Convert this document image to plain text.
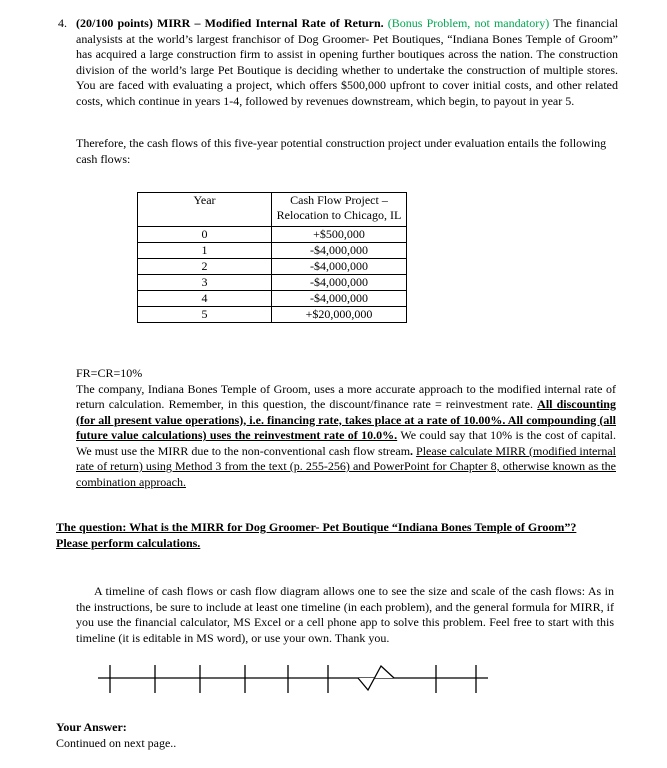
4. (20/100 points) MIRR – Modified Internal Rate of Return. (Bonus Problem, not mandatory) The financial analysists at the world’s largest franchisor of Dog Groomer- Pet Boutiques, “Indiana Bones Temple of Groom” has acquired a large construction firm to assist in opening further boutiques across the nation. The construction division of the world’s large Pet Boutique is deciding whether to undertake the construction of multiple stores. You are faced with evaluating a project, which offers $500,000 upfront to cover initial costs, and other related costs, which continue in years 1-4, followed by revenues downstream, which begin, to payout in year 5.
Therefore, the cash flows of this five-year potential construction project under evaluation entails the following cash flows:
Year	Cash Flow Project –
Relocation to Chicago, IL
0	+$500,000
1	-$4,000,000
2	-$4,000,000
3	-$4,000,000
4	-$4,000,000
5	+$20,000,000
FR=CR=10%
The company, Indiana Bones Temple of Groom, uses a more accurate approach to the modified internal rate of return calculation. Remember, in this question, the discount/finance rate = reinvestment rate. All discounting (for all present value operations), i.e. financing rate, takes place at a rate of 10.00%. All compounding (all future value calculations) uses the reinvestment rate of 10.0%. We could say that 10% is the cost of capital. We must use the MIRR due to the non-conventional cash flow stream. Please calculate MIRR (modified internal rate of return) using Method 3 from the text (p. 255-256) and PowerPoint for Chapter 8, otherwise known as the combination approach.
The question: What is the MIRR for Dog Groomer- Pet Boutique “Indiana Bones Temple of Groom”? Please perform calculations.
A timeline of cash flows or cash flow diagram allows one to see the size and scale of the cash flows: As in the instructions, be sure to include at least one timeline (in each problem), and the general formula for MIRR, if you use the financial calculator, MS Excel or a cell phone app to solve this problem. Feel free to start with this timeline (it is editable in MS word), or use your own. Thank you.
Your Answer:
Continued on next page..
